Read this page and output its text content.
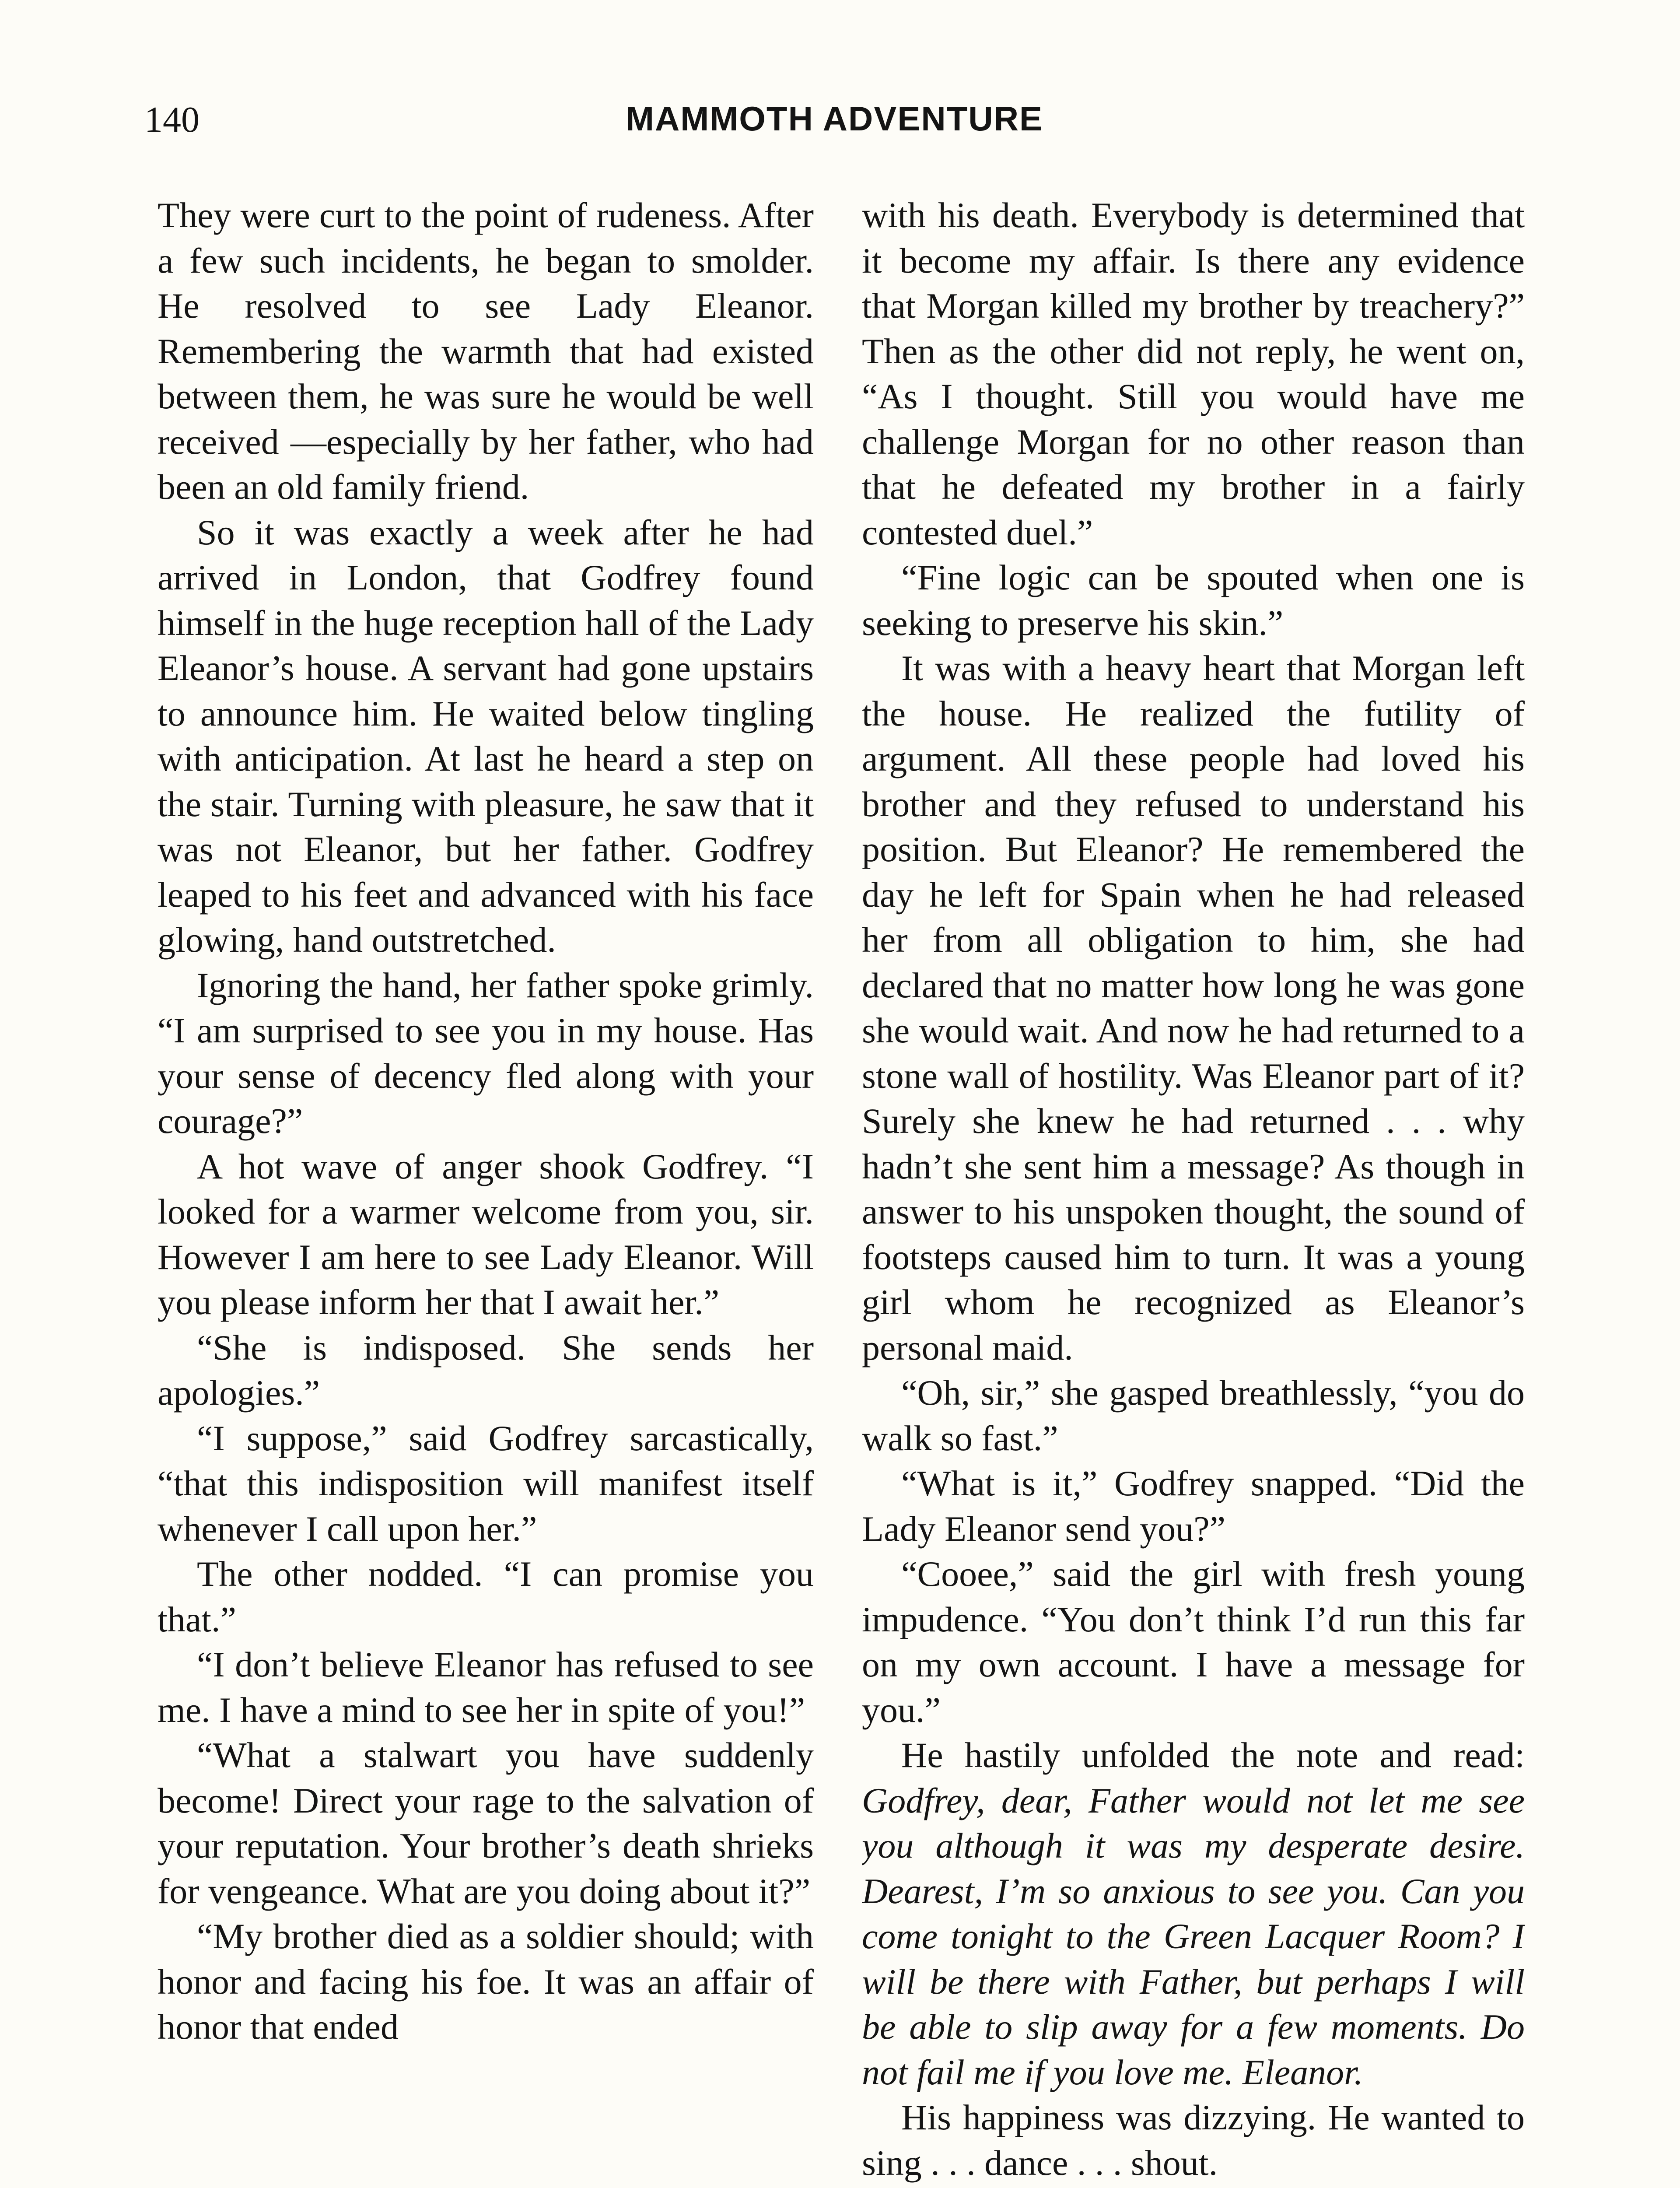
140	MAMMOTH ADVENTURE

They were curt to the point of rudeness. After a few such incidents, he began to smolder. He resolved to see Lady Eleanor. Remembering the warmth that had existed between them, he was sure he would be well received —especially by her father, who had been an old family friend.

So it was exactly a week after he had arrived in London, that Godfrey found himself in the huge reception hall of the Lady Eleanor’s house. A servant had gone upstairs to announce him. He waited below tingling with anticipation. At last he heard a step on the stair. Turning with pleasure, he saw that it was not Eleanor, but her father. Godfrey leaped to his feet and advanced with his face glowing, hand outstretched.

Ignoring the hand, her father spoke grimly. “I am surprised to see you in my house. Has your sense of decency fled along with your courage?”

A hot wave of anger shook Godfrey. “I looked for a warmer welcome from you, sir. However I am here to see Lady Eleanor. Will you please inform her that I await her.”

“She is indisposed. She sends her apologies.”

“I suppose,” said Godfrey sarcastically, “that this indisposition will manifest itself whenever I call upon her.”

The other nodded. “I can promise you that.”

“I don’t believe Eleanor has refused to see me. I have a mind to see her in spite of you!”

“What a stalwart you have suddenly become! Direct your rage to the salvation of your reputation. Your brother’s death shrieks for vengeance. What are you doing about it?”

“My brother died as a soldier should; with honor and facing his foe. It was an affair of honor that ended

with his death. Everybody is determined that it become my affair. Is there any evidence that Morgan killed my brother by treachery?” Then as the other did not reply, he went on, “As I thought. Still you would have me challenge Morgan for no other reason than that he defeated my brother in a fairly contested duel.”

“Fine logic can be spouted when one is seeking to preserve his skin.”

It was with a heavy heart that Morgan left the house. He realized the futility of argument. All these people had loved his brother and they refused to understand his position. But Eleanor? He remembered the day he left for Spain when he had released her from all obligation to him, she had declared that no matter how long he was gone she would wait. And now he had returned to a stone wall of hostility. Was Eleanor part of it? Surely she knew he had returned . . . why hadn’t she sent him a message? As though in answer to his unspoken thought, the sound of footsteps caused him to turn. It was a young girl whom he recognized as Eleanor’s personal maid.

“Oh, sir,” she gasped breathlessly, “you do walk so fast.”

“What is it,” Godfrey snapped. “Did the Lady Eleanor send you?”

“Cooee,” said the girl with fresh young impudence. “You don’t think I’d run this far on my own account. I have a message for you.”

He hastily unfolded the note and read: Godfrey, dear, Father would not let me see you although it was my desperate desire. Dearest, I’m so anxious to see you. Can you come tonight to the Green Lacquer Room? I will be there with Father, but perhaps I will be able to slip away for a few moments. Do not fail me if you love me. Eleanor.

His happiness was dizzying. He wanted to sing . . . dance . . . shout.
